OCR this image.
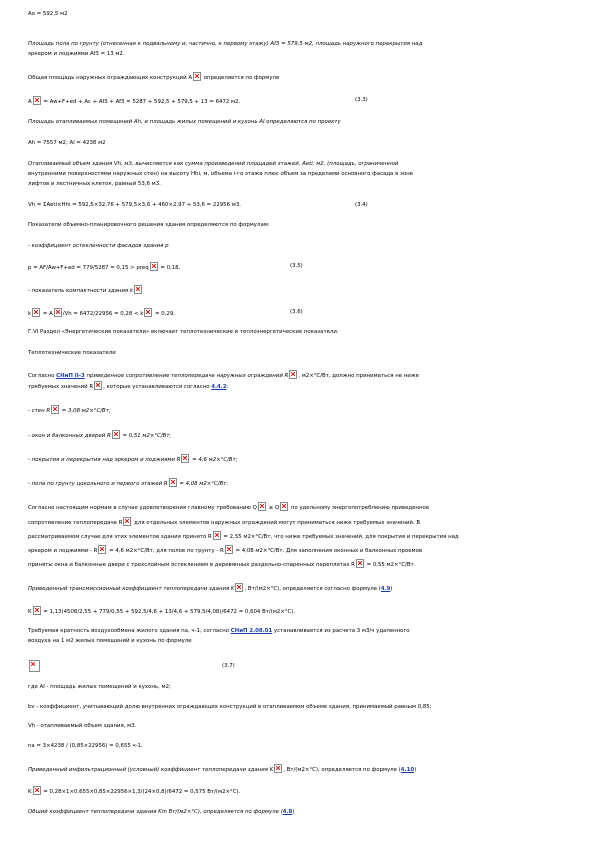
Aо = 592,5 м2
Площадь пола по грунту (отнесенная к подвальному и, частично, к первому этажу) Af3 = 579,5 м2, площадь наружного перекрытия над
эркером и лоджиями Af3 = 13 м2.
Общая площадь наружных ограждающих конструкций A определяется по формуле
A = Aw+F+ed + Ac + Af3 + Af3 = 5287 + 592,5 + 579,5 + 13 = 6472 м2.	(3.3)
Площадь отапливаемых помещений Ah, и площадь жилых помещений и кухонь Al определяются по проекту
Ah = 7557 м2; Al = 4238 м2
Отапливаемый объем здания Vh, м3, вычисляется как сумма произведений площадей этажей, Aeti, м2, (площадь, ограниченной
внутренними поверхностями наружных стен) на высоту Hhi, м, объема i-го этажа плюс объем за пределами основного фасада в зоне
лифтов и лестничных клеток, равный 53,6 м3.
Vh = ΣAeti×Hhi = 592,5×32,76 + 579,5×3,6 + 460×2,97 + 53,6 = 22956 м3.	(3.4)
Показатели объемно-планировочного решения здания определяются по формулам:
- коэффициент остекленности фасадов здания p
p = AF/Aw+F+ed = 779/5287 = 0,15 > preq = 0,18.	(3.5)
- показатель компактности здания k
k = A /Vh = 6472/22956 = 0,28 < k = 0,29.	(3.6)
Г.VI Раздел «Энергетические показатели» включает теплотехнические и теплоэнергетические показатели.
Теплотехнические показатели
Согласно СНиП II-3 приведенное сопротивление теплопередаче наружных ограждений R , м2×°С/Вт, должно приниматься не ниже
требуемых значений R , которые устанавливаются согласно 4.4.2:
- стен R = 3,08 м2×°С/Вт;
- окон и балконных дверей R = 0,51 м2×°С/Вт;
- покрытия и перекрытия над эркером и лоджиями R = 4,6 м2×°С/Вт;
- пола по грунту цокольного и первого этажей R = 4,08 м2×°С/Вт.
Согласно настоящим нормам в случае удовлетворения главному требованию Q ≤ Q по удельному энергопотреблению приведенное
сопротивление теплопередаче R для отдельных элементов наружных ограждений могут приниматься ниже требуемых значений. В
рассматриваемом случае для этих элементов здания принято R = 2,55 м2×°С/Вт, что ниже требуемых значений, для покрытия и перекрытия над
эркером и лоджиями - R = 4,6 м2×°С/Вт, для полов по грунту - R = 4,08 м2×°С/Вт. Для заполнения оконных и балконных проемов
приняты окна и балконные двери с трехслойным остеклением в деревянных раздельно-спаренных переплетах R = 0,55 м2×°С/Вт.
Приведенный трансмиссионный коэффициент теплопередачи здания K , Вт/(м2×°С), определяется согласно формуле (4.9)
K = 1,13(4508/2,55 + 779/0,55 + 592,5/4,6 + 13/4,6 + 579,5/4,08)/6472 = 0,604 Вт/(м2×°С).
Требуемая кратность воздухообмена жилого здания na, ч-1, согласно СНиП 2.08.01 устанавливается из расчета 3 м3/ч удаленного
воздуха на 1 м2 жилых помещений и кухонь по формуле
(3.7)
где Al - площадь жилых помещений и кухонь, м2;
bv - коэффициент, учитывающий долю внутренних ограждающих конструкций в отапливаемом объеме здания, принимаемый равным 0,85;
Vh - отапливаемый объем здания, м3.
na = 3×4238 / (0,85×22956) = 0,655 ч-1.
Приведенный инфильтрационный (условный) коэффициент теплопередачи здания K , Вт/(м2×°С), определяется по формуле (4.10)
K = 0,28×1×0,655×0,85×22956×1,3/(24×0,8)/6472 = 0,575 Вт/(м2×°С).
Общий коэффициент теплопередачи здания Km Вт/(м2×°С), определяется по формуле (4.8)
